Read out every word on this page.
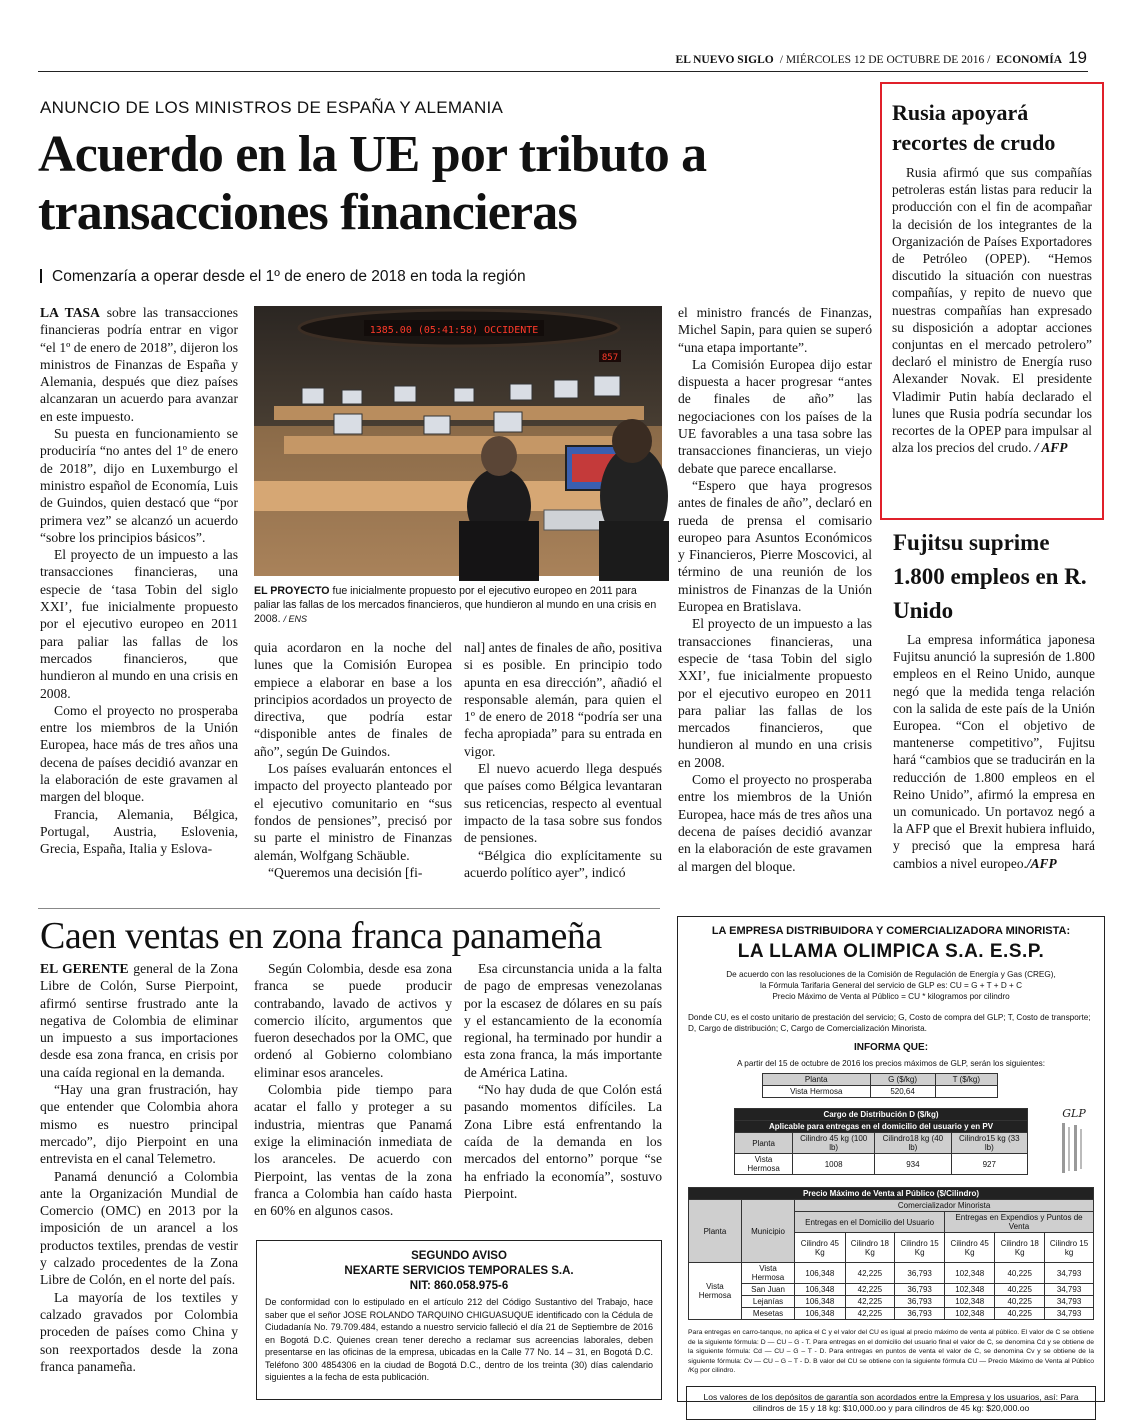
EL NUEVO SIGLO / MIÉRCOLES 12 DE OCTUBRE DE 2016 / ECONOMÍA 19
ANUNCIO DE LOS MINISTROS DE ESPAÑA Y ALEMANIA
Acuerdo en la UE por tributo a transacciones financieras
Comenzaría a operar desde el 1º de enero de 2018 en toda la región

LA TASA sobre las transacciones financieras podría entrar en vigor “el 1º de enero de 2018”, dijeron los ministros de Finanzas de España y Alemania, después que diez países alcanzaran un acuerdo para avanzar en este impuesto.

Su puesta en funcionamiento se produciría “no antes del 1º de enero de 2018”, dijo en Luxemburgo el ministro español de Economía, Luis de Guindos, quien destacó que “por primera vez” se alcanzó un acuerdo “sobre los principios básicos”.

El proyecto de un impuesto a las transacciones financieras, una especie de ‘tasa Tobin del siglo XXI’, fue inicialmente propuesto por el ejecutivo europeo en 2011 para paliar las fallas de los mercados financieros, que hundieron al mundo en una crisis en 2008.

Como el proyecto no prosperaba entre los miembros de la Unión Europea, hace más de tres años una decena de países decidió avanzar en la elaboración de este gravamen al margen del bloque.

Francia, Alemania, Bélgica, Portugal, Austria, Eslovenia, Grecia, España, Italia y Eslova-

1385.00 (05:41:58) OCCIDENTE
857
EL PROYECTO fue inicialmente propuesto por el ejecutivo europeo en 2011 para paliar las fallas de los mercados financieros, que hundieron al mundo en una crisis en 2008. / ENS

quia acordaron en la noche del lunes que la Comisión Europea empiece a elaborar en base a los principios acordados un proyecto de directiva, que podría estar “disponible antes de finales de año”, según De Guindos.

Los países evaluarán entonces el impacto del proyecto planteado por el ejecutivo comunitario en “sus fondos de pensiones”, precisó por su parte el ministro de Finanzas alemán, Wolfgang Schäuble.

“Queremos una decisión [fi-

nal] antes de finales de año, positiva si es posible. En principio todo apunta en esa dirección”, añadió el responsable alemán, para quien el 1º de enero de 2018 “podría ser una fecha apropiada” para su entrada en vigor.

El nuevo acuerdo llega después que países como Bélgica levantaran sus reticencias, respecto al eventual impacto de la tasa sobre sus fondos de pensiones.

“Bélgica dio explícitamente su acuerdo político ayer”, indicó

el ministro francés de Finanzas, Michel Sapin, para quien se superó “una etapa importante”.

La Comisión Europea dijo estar dispuesta a hacer progresar “antes de finales de año” las negociaciones con los países de la UE favorables a una tasa sobre las transacciones financieras, un viejo debate que parece encallarse.

“Espero que haya progresos antes de finales de año”, declaró en rueda de prensa el comisario europeo para Asuntos Económicos y Financieros, Pierre Moscovici, al término de una reunión de los ministros de Finanzas de la Unión Europea en Bratislava.

El proyecto de un impuesto a las transacciones financieras, una especie de ‘tasa Tobin del siglo XXI’, fue inicialmente propuesto por el ejecutivo europeo en 2011 para paliar las fallas de los mercados financieros, que hundieron al mundo en una crisis en 2008.

Como el proyecto no prosperaba entre los miembros de la Unión Europea, hace más de tres años una decena de países decidió avanzar en la elaboración de este gravamen al margen del bloque.

Rusia apoyará recortes de crudo

Rusia afirmó que sus compañías petroleras están listas para reducir la producción con el fin de acompañar la decisión de los integrantes de la Organización de Países Exportadores de Petróleo (OPEP). “Hemos discutido la situación con nuestras compañías, y repito de nuevo que nuestras compañías han expresado su disposición a adoptar acciones conjuntas en el mercado petrolero” declaró el ministro de Energía ruso Alexander Novak. El presidente Vladimir Putin había declarado el lunes que Rusia podría secundar los recortes de la OPEP para impulsar al alza los precios del crudo. / AFP

Fujitsu suprime 1.800 empleos en R. Unido

La empresa informática japonesa Fujitsu anunció la supresión de 1.800 empleos en el Reino Unido, aunque negó que la medida tenga relación con la salida de este país de la Unión Europea. “Con el objetivo de mantenerse competitivo”, Fujitsu hará “cambios que se traducirán en la reducción de 1.800 empleos en el Reino Unido”, afirmó la empresa en un comunicado. Un portavoz negó a la AFP que el Brexit hubiera influido, y precisó que la empresa hará cambios a nivel europeo./AFP

Caen ventas en zona franca panameña

EL GERENTE general de la Zona Libre de Colón, Surse Pierpoint, afirmó sentirse frustrado ante la negativa de Colombia de eliminar un impuesto a sus importaciones desde esa zona franca, en crisis por una caída regional en la demanda.

“Hay una gran frustración, hay que entender que Colombia ahora mismo es nuestro principal mercado”, dijo Pierpoint en una entrevista en el canal Telemetro.

Panamá denunció a Colombia ante la Organización Mundial de Comercio (OMC) en 2013 por la imposición de un arancel a los productos textiles, prendas de vestir y calzado procedentes de la Zona Libre de Colón, en el norte del país.

La mayoría de los textiles y calzado gravados por Colombia proceden de países como China y son reexportados desde la zona franca panameña.

Según Colombia, desde esa zona franca se puede producir contrabando, lavado de activos y comercio ilícito, argumentos que fueron desechados por la OMC, que ordenó al Gobierno colombiano eliminar esos aranceles.

Colombia pide tiempo para acatar el fallo y proteger a su industria, mientras que Panamá exige la eliminación inmediata de los aranceles. De acuerdo con Pierpoint, las ventas de la zona franca a Colombia han caído hasta en 60% en algunos casos.

Esa circunstancia unida a la falta de pago de empresas venezolanas por la escasez de dólares en su país y el estancamiento de la economía regional, ha terminado por hundir a esta zona franca, la más importante de América Latina.

“No hay duda de que Colón está pasando momentos difíciles. La Zona Libre está enfrentando la caída de la demanda en los mercados del entorno” porque “se ha enfriado la economía”, sostuvo Pierpoint.

SEGUNDO AVISO
NEXARTE SERVICIOS TEMPORALES S.A.
NIT: 860.058.975-6
De conformidad con lo estipulado en el artículo 212 del Código Sustantivo del Trabajo, hace saber que el señor JOSE ROLANDO TARQUINO CHIGUASUQUE identificado con la Cédula de Ciudadanía No. 79.709.484, estando a nuestro servicio falleció el día 21 de Septiembre de 2016 en Bogotá D.C. Quienes crean tener derecho a reclamar sus acreencias laborales, deben presentarse en las oficinas de la empresa, ubicadas en la Calle 77 No. 14 – 31, en Bogotá D.C. Teléfono 300 4854306 en la ciudad de Bogotá D.C., dentro de los treinta (30) días calendario siguientes a la fecha de esta publicación.
LA EMPRESA DISTRIBUIDORA Y COMERCIALIZADORA MINORISTA:
LA LLAMA OLIMPICA S.A. E.S.P.
De acuerdo con las resoluciones de la Comisión de Regulación de Energía y Gas (CREG),
la Fórmula Tarifaria General del servicio de GLP es: CU = G + T + D + C
Precio Máximo de Venta al Público = CU * kilogramos por cilindro
Donde CU, es el costo unitario de prestación del servicio; G, Costo de compra del GLP; T, Costo de transporte; D, Cargo de distribución; C, Cargo de Comercialización Minorista.
INFORMA QUE:
A partir del 15 de octubre de 2016 los precios máximos de GLP, serán los siguientes:
Planta	G ($/kg)	T ($/kg)
Vista Hermosa	520,64	
GLP
Cargo de Distribución D ($/kg)			
Aplicable para entregas en el domicilio del usuario y en PV			
Planta	Cilindro 45 kg (100 lb)	Cilindro18 kg (40 lb)	Cilindro15 kg (33 lb)
Vista Hermosa	1008	934	927
Precio Máximo de Venta al Público ($/Cilindro)							
Planta	Municipio	Comercializador Minorista					
		Entregas en el Domicilio del Usuario			Entregas en Expendios y Puntos de Venta		
		Cilindro 45 Kg	Cilindro 18 Kg	Cilindro 15 Kg	Cilindro 45 Kg	Cilindro 18 Kg	Cilindro 15 kg
Vista Hermosa	Vista Hermosa	106,348	42,225	36,793	102,348	40,225	34,793
	San Juan	106,348	42,225	36,793	102,348	40,225	34,793
	Lejanías	106,348	42,225	36,793	102,348	40,225	34,793
	Mesetas	106,348	42,225	36,793	102,348	40,225	34,793
Para entregas en carro-tanque, no aplica el C y el valor del CU es igual al precio máximo de venta al público. El valor de C se obtiene de la siguiente fórmula: D — CU – G - T. Para entregas en el domicilio del usuario final el valor de C, se denomina Cd y se obtiene de la siguiente fórmula: Cd — CU – G – T - D. Para entregas en puntos de venta el valor de C, se denomina Cv y se obtiene de la siguiente fórmula: Cv — CU – G – T - D. B valor del CU se obtiene con la siguiente fórmula CU — Precio Máximo de Venta al Público /Kg por cilindro.
Los valores de los depósitos de garantía son acordados entre la Empresa y los usuarios, así: Para cilindros de 15 y 18 kg: $10,000.oo y para cilindros de 45 kg: $20,000.oo
